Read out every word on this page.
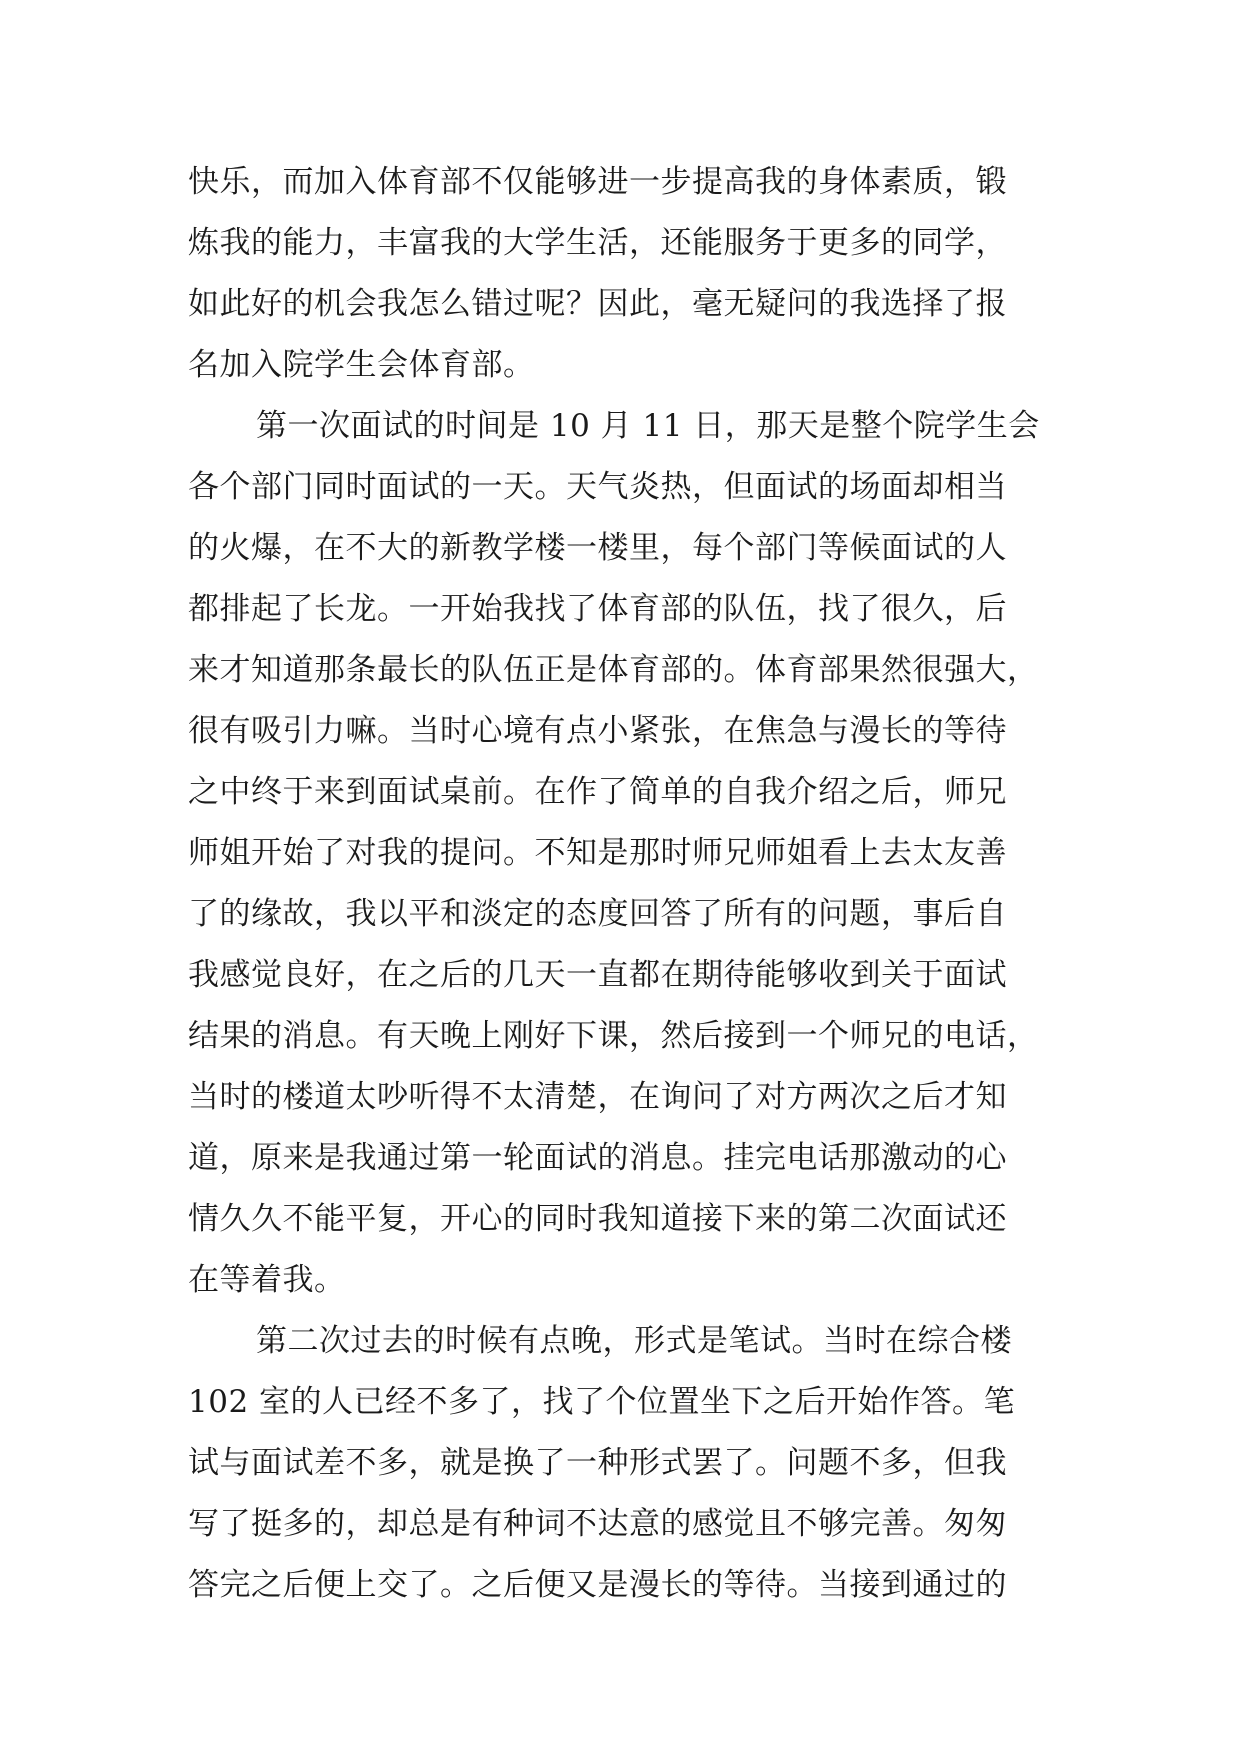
快乐，而加入体育部不仅能够进一步提高我的身体素质，锻
炼我的能力，丰富我的大学生活，还能服务于更多的同学，
如此好的机会我怎么错过呢？因此，毫无疑问的我选择了报
名加入院学生会体育部。
第一次面试的时间是 10 月 11 日，那天是整个院学生会
各个部门同时面试的一天。天气炎热，但面试的场面却相当
的火爆，在不大的新教学楼一楼里，每个部门等候面试的人
都排起了长龙。一开始我找了体育部的队伍，找了很久，后
来才知道那条最长的队伍正是体育部的。体育部果然很强大，
很有吸引力嘛。当时心境有点小紧张，在焦急与漫长的等待
之中终于来到面试桌前。在作了简单的自我介绍之后，师兄
师姐开始了对我的提问。不知是那时师兄师姐看上去太友善
了的缘故，我以平和淡定的态度回答了所有的问题，事后自
我感觉良好，在之后的几天一直都在期待能够收到关于面试
结果的消息。有天晚上刚好下课，然后接到一个师兄的电话，
当时的楼道太吵听得不太清楚，在询问了对方两次之后才知
道，原来是我通过第一轮面试的消息。挂完电话那激动的心
情久久不能平复，开心的同时我知道接下来的第二次面试还
在等着我。
第二次过去的时候有点晚，形式是笔试。当时在综合楼
102 室的人已经不多了，找了个位置坐下之后开始作答。笔
试与面试差不多，就是换了一种形式罢了。问题不多，但我
写了挺多的，却总是有种词不达意的感觉且不够完善。匆匆
答完之后便上交了。之后便又是漫长的等待。当接到通过的
